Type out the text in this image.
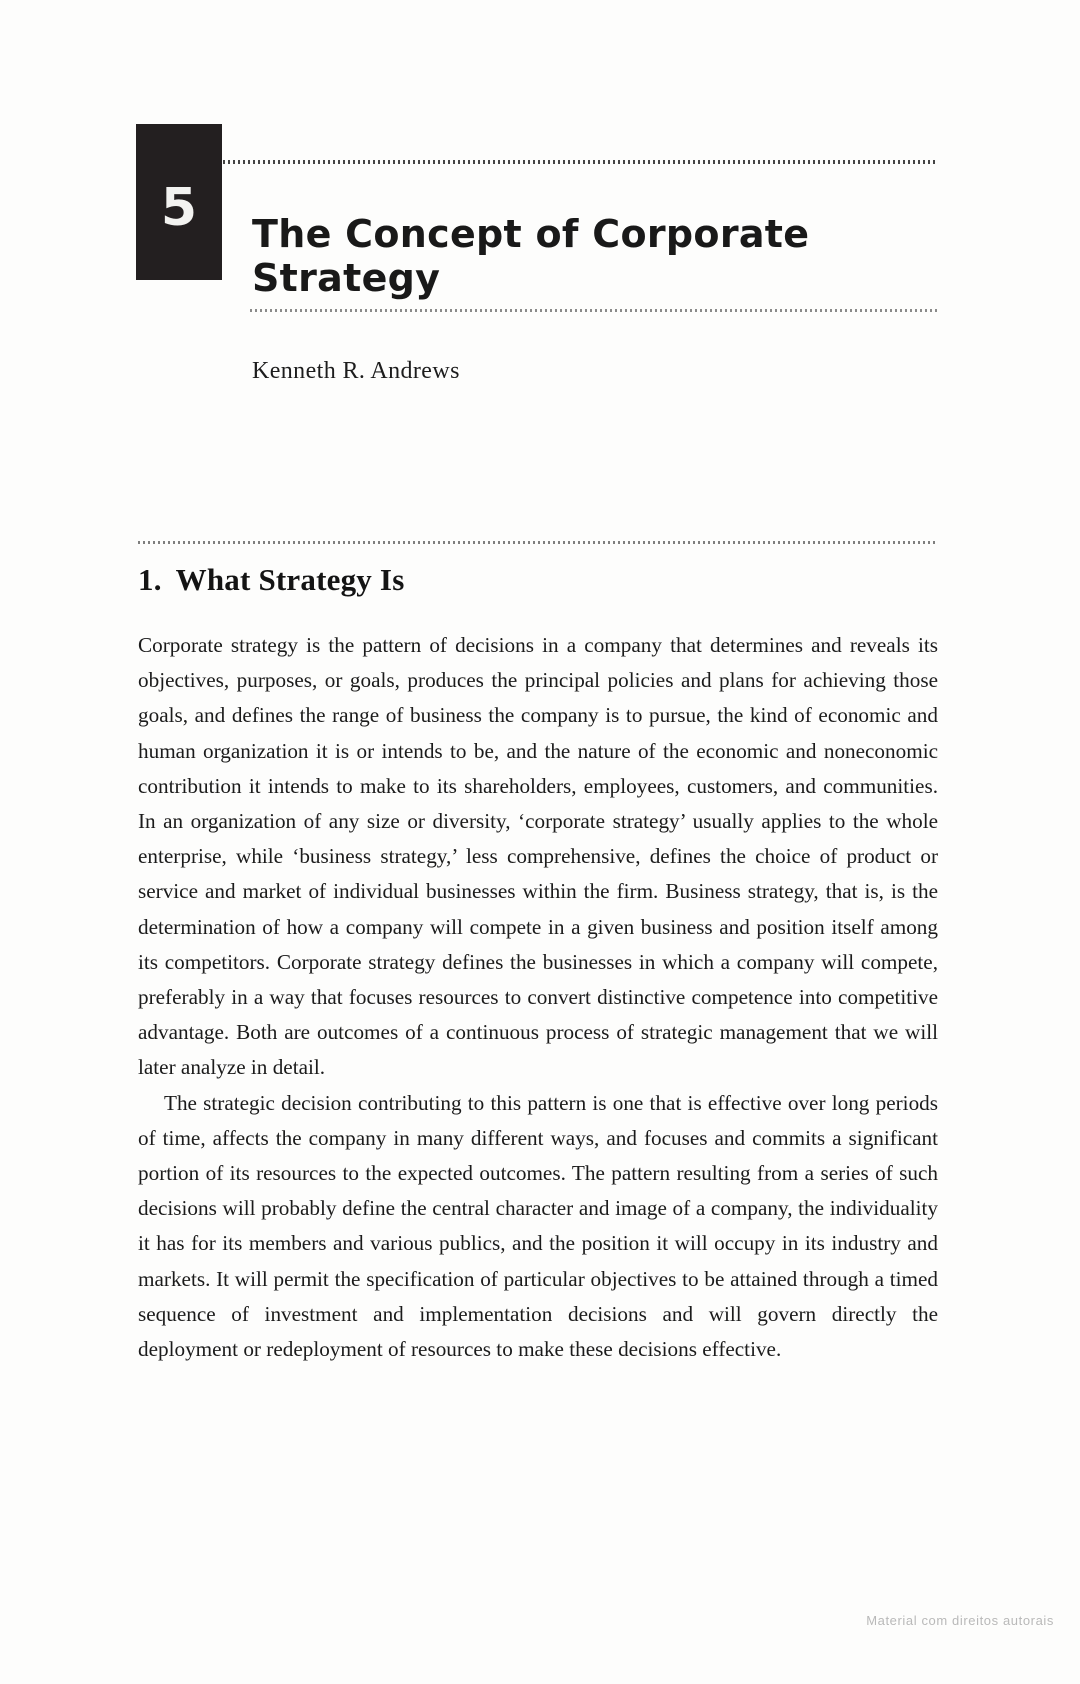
5 The Concept of Corporate Strategy
Kenneth R. Andrews
1. What Strategy Is

Corporate strategy is the pattern of decisions in a company that determines and reveals its objectives, purposes, or goals, produces the principal policies and plans for achieving those goals, and defines the range of business the company is to pursue, the kind of economic and human organization it is or intends to be, and the nature of the economic and noneconomic contribution it intends to make to its shareholders, employees, customers, and communities. In an organization of any size or diversity, ‘corporate strategy’ usually applies to the whole enterprise, while ‘business strategy,’ less comprehensive, defines the choice of product or service and market of individual businesses within the firm. Business strategy, that is, is the determination of how a company will compete in a given business and position itself among its competitors. Corporate strategy defines the businesses in which a company will compete, preferably in a way that focuses resources to convert distinctive competence into competitive advantage. Both are outcomes of a continuous process of strategic management that we will later analyze in detail.

The strategic decision contributing to this pattern is one that is effective over long periods of time, affects the company in many different ways, and focuses and commits a significant portion of its resources to the expected outcomes. The pattern resulting from a series of such decisions will probably define the central character and image of a company, the individuality it has for its members and various publics, and the position it will occupy in its industry and markets. It will permit the specification of particular objectives to be attained through a timed sequence of investment and implementation decisions and will govern directly the deployment or redeployment of resources to make these decisions effective.

Material com direitos autorais
